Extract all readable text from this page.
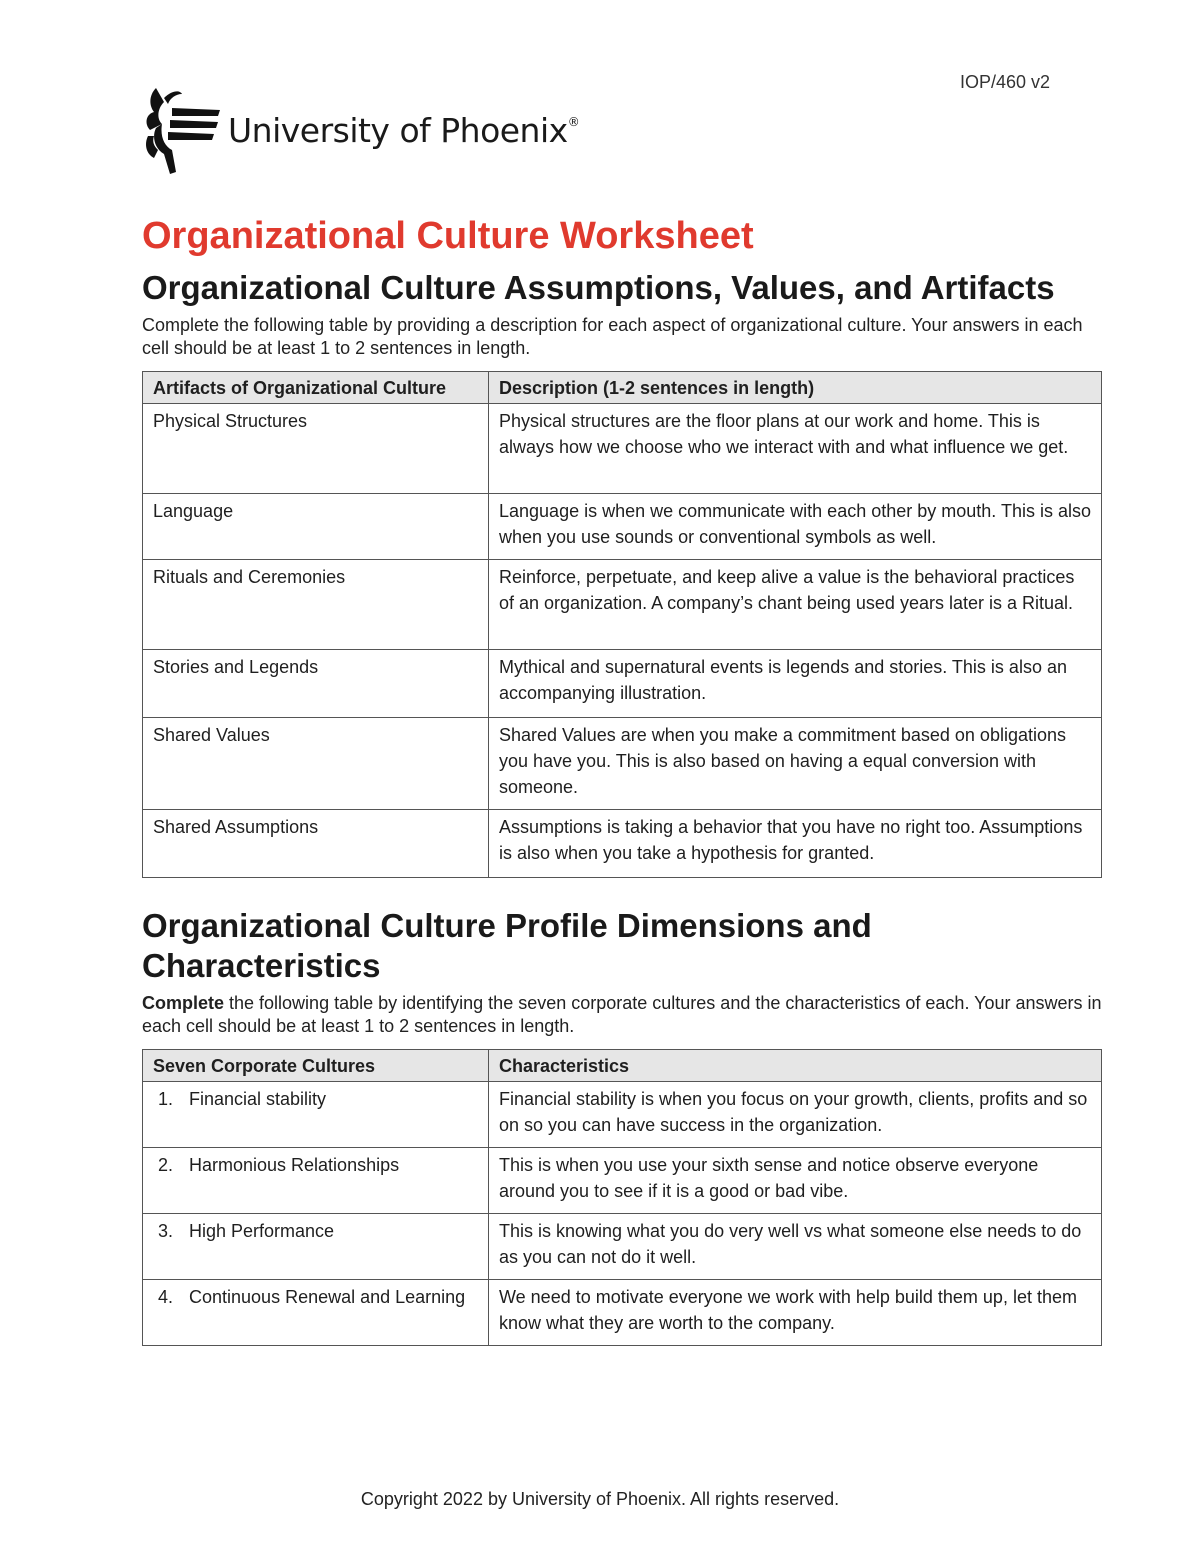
IOP/460 v2
University of Phoenix®
Organizational Culture Worksheet
Organizational Culture Assumptions, Values, and Artifacts

Complete the following table by providing a description for each aspect of organizational culture. Your answers in each cell should be at least 1 to 2 sentences in length.

Artifacts of Organizational Culture	Description (1-2 sentences in length)
Physical Structures	Physical structures are the floor plans at our work and home. This is always how we choose who we interact with and what influence we get.
Language	Language is when we communicate with each other by mouth. This is also when you use sounds or conventional symbols as well.
Rituals and Ceremonies	Reinforce, perpetuate, and keep alive a value is the behavioral practices of an organization. A company’s chant being used years later is a Ritual.
Stories and Legends	Mythical and supernatural events is legends and stories. This is also an accompanying illustration.
Shared Values	Shared Values are when you make a commitment based on obligations you have you. This is also based on having a equal conversion with someone.
Shared Assumptions	Assumptions is taking a behavior that you have no right too. Assumptions is also when you take a hypothesis for granted.
Organizational Culture Profile Dimensions and Characteristics

Complete the following table by identifying the seven corporate cultures and the characteristics of each. Your answers in each cell should be at least 1 to 2 sentences in length.

Seven Corporate Cultures	Characteristics

1. Financial stability	Financial stability is when you focus on your growth, clients, profits and so on so you can have success in the organization.

2. Harmonious Relationships	This is when you use your sixth sense and notice observe everyone around you to see if it is a good or bad vibe.

3. High Performance	This is knowing what you do very well vs what someone else needs to do as you can not do it well.

4. Continuous Renewal and Learning	We need to motivate everyone we work with help build them up, let them know what they are worth to the company.
Copyright 2022 by University of Phoenix. All rights reserved.
